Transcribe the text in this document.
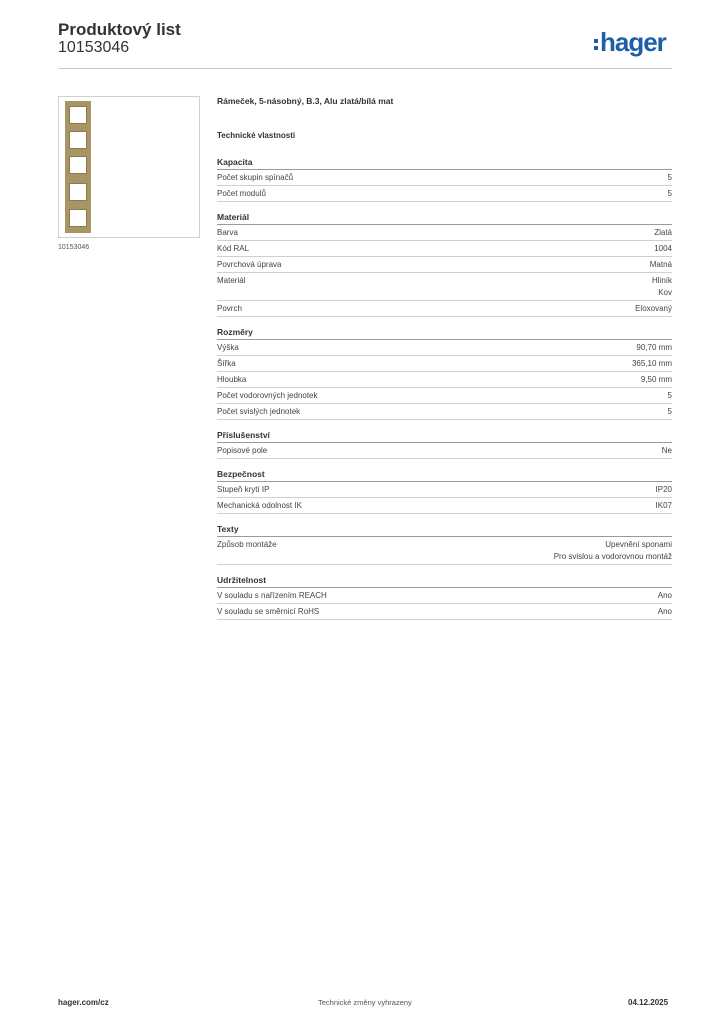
Produktový list
10153046	hager
10153046
Rámeček, 5-násobný, B.3, Alu zlatá/bílá mat
Technické vlastnosti
Kapacita
Počet skupin spínačů	5
Počet modulů	5
Materiál
Barva	Zlatá
Kód RAL	1004
Povrchová úprava	Matná
Materiál	Hliník
Kov
Povrch	Eloxovaný
Rozměry
Výška	90,70 mm
Šířka	365,10 mm
Hloubka	9,50 mm
Počet vodorovných jednotek	5
Počet svislých jednotek	5
Příslušenství
Popisové pole	Ne
Bezpečnost
Stupeň krytí IP	IP20
Mechanická odolnost IK	IK07
Texty
Způsob montáže	Upevnění sponami
Pro svislou a vodorovnou montáž
Udržitelnost
V souladu s nařízením REACH	Ano
V souladu se směrnicí RoHS	Ano
hager.com/cz	Technické změny vyhrazeny	04.12.2025
